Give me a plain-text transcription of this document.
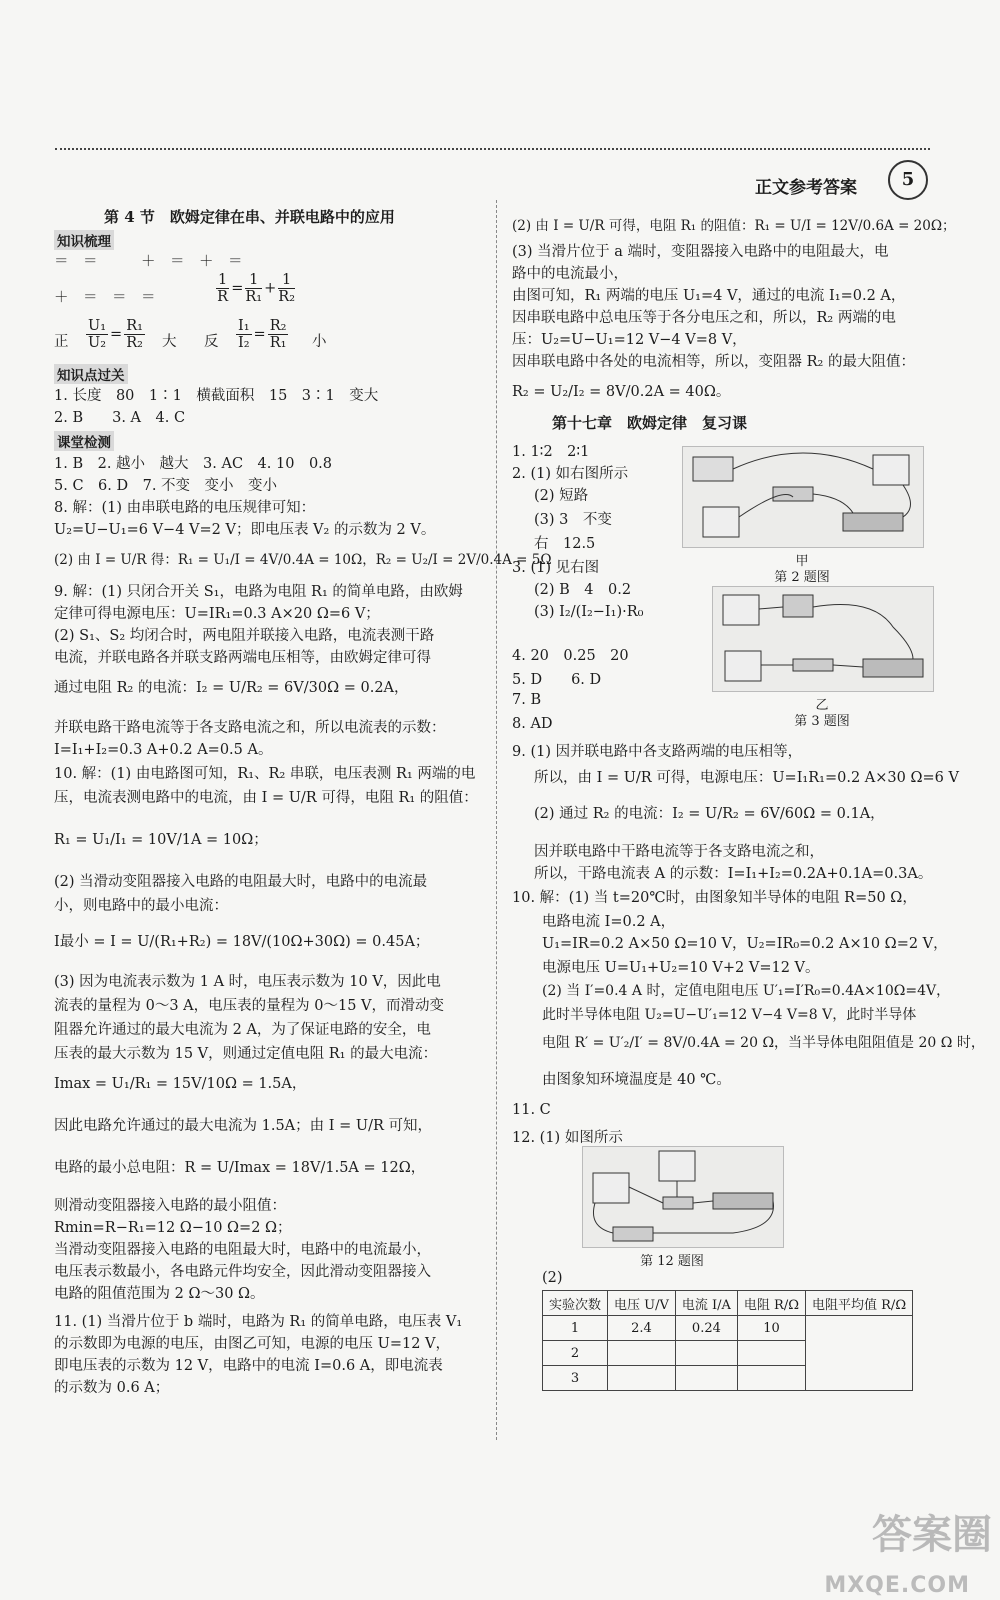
正文参考答案	5
第 4 节　欧姆定律在串、并联电路中的应用
知识梳理
＝　＝　　　＋　＝　＋　＝
＋　＝　＝　＝	$\frac{1}{R} = \frac{1}{\text{R₁}} + \frac{1}{\text{R₂}}$
正 $\frac{\text{U₁}}{\text{U₂}} = \frac{\text{R₁}}{\text{R₂}}$ 大 反 $\frac{\text{I₁}}{\text{I₂}} = \frac{\text{R₂}}{\text{R₁}}$ 小
知识点过关
1. 长度　80　1∶1　横截面积　15　3∶1　变大
2. B　　3. A　4. C
课堂检测
1. B　2. 越小　越大　3. AC　4. 10　0.8
5. C　6. D　7. 不变　变小　变小
8. 解：(1) 由串联电路的电压规律可知：
U₂=U−U₁=6 V−4 V=2 V；即电压表 V₂ 的示数为 2 V。
(2) 由 I = U/R 得：R₁ = U₁/I = 4V/0.4A = 10Ω，R₂ = U₂/I = 2V/0.4A = 5Ω
9. 解：(1) 只闭合开关 S₁，电路为电阻 R₁ 的简单电路，由欧姆
定律可得电源电压：U=IR₁=0.3 A×20 Ω=6 V；
(2) S₁、S₂ 均闭合时，两电阻并联接入电路，电流表测干路
电流，并联电路各并联支路两端电压相等，由欧姆定律可得
通过电阻 R₂ 的电流：I₂ = U/R₂ = 6V/30Ω = 0.2A，
并联电路干路电流等于各支路电流之和，所以电流表的示数：
I=I₁+I₂=0.3 A+0.2 A=0.5 A。
10. 解：(1) 由电路图可知，R₁、R₂ 串联，电压表测 R₁ 两端的电
压，电流表测电路中的电流，由 I = U/R 可得，电阻 R₁ 的阻值：
R₁ = U₁/I₁ = 10V/1A = 10Ω；
(2) 当滑动变阻器接入电路的电阻最大时，电路中的电流最
小，则电路中的最小电流：
I最小 = I = U/(R₁+R₂) = 18V/(10Ω+30Ω) = 0.45A；
(3) 因为电流表示数为 1 A 时，电压表示数为 10 V，因此电
流表的量程为 0～3 A，电压表的量程为 0～15 V，而滑动变
阻器允许通过的最大电流为 2 A，为了保证电路的安全，电
压表的最大示数为 15 V，则通过定值电阻 R₁ 的最大电流：
Imax = U₁/R₁ = 15V/10Ω = 1.5A，
因此电路允许通过的最大电流为 1.5A；由 I = U/R 可知，
电路的最小总电阻：R = U/Imax = 18V/1.5A = 12Ω，
则滑动变阻器接入电路的最小阻值：
Rmin=R−R₁=12 Ω−10 Ω=2 Ω；
当滑动变阻器接入电路的电阻最大时，电路中的电流最小，
电压表示数最小，各电路元件均安全，因此滑动变阻器接入
电路的阻值范围为 2 Ω～30 Ω。
11. (1) 当滑片位于 b 端时，电路为 R₁ 的简单电路，电压表 V₁
的示数即为电源的电压，由图乙可知，电源的电压 U=12 V，
即电压表的示数为 12 V，电路中的电流 I=0.6 A，即电流表
的示数为 0.6 A；
(2) 由 I = U/R 可得，电阻 R₁ 的阻值：R₁ = U/I = 12V/0.6A = 20Ω；
(3) 当滑片位于 a 端时，变阻器接入电路中的电阻最大，电
路中的电流最小，
由图可知，R₁ 两端的电压 U₁=4 V，通过的电流 I₁=0.2 A，
因串联电路中总电压等于各分电压之和，所以，R₂ 两端的电
压：U₂=U−U₁=12 V−4 V=8 V，
因串联电路中各处的电流相等，所以，变阻器 R₂ 的最大阻值：
R₂ = U₂/I₂ = 8V/0.2A = 40Ω。
第十七章　欧姆定律　复习课
1. 1∶2　2∶1
2. (1) 如右图所示
(2) 短路
(3) 3　不变
右　12.5
3. (1) 见右图
(2) B　4　0.2
(3) I₂/(I₂−I₁)·R₀
4. 20　0.25　20
5. D　　6. D
7. B
8. AD
甲
第 2 题图
乙
第 3 题图
9. (1) 因并联电路中各支路两端的电压相等，
所以，由 I = U/R 可得，电源电压：U=I₁R₁=0.2 A×30 Ω=6 V
(2) 通过 R₂ 的电流：I₂ = U/R₂ = 6V/60Ω = 0.1A，
因并联电路中干路电流等于各支路电流之和，
所以，干路电流表 A 的示数：I=I₁+I₂=0.2A+0.1A=0.3A。
10. 解：(1) 当 t=20℃时，由图象知半导体的电阻 R=50 Ω，
电路电流 I=0.2 A，
U₁=IR=0.2 A×50 Ω=10 V，U₂=IR₀=0.2 A×10 Ω=2 V，
电源电压 U=U₁+U₂=10 V+2 V=12 V。
(2) 当 I′=0.4 A 时，定值电阻电压 U′₁=I′R₀=0.4A×10Ω=4V，
此时半导体电阻 U₂=U−U′₁=12 V−4 V=8 V，此时半导体
电阻 R′ = U′₂/I′ = 8V/0.4A = 20 Ω，当半导体电阻阻值是 20 Ω 时，
由图象知环境温度是 40 ℃。
11. C
12. (1) 如图所示
第 12 题图
(2)
实验次数	电压 U/V	电流 I/A	电阻 R/Ω	电阻平均值 R/Ω
1	2.4	0.24	10	
2				
3				
答案圈
MXQE.COM
